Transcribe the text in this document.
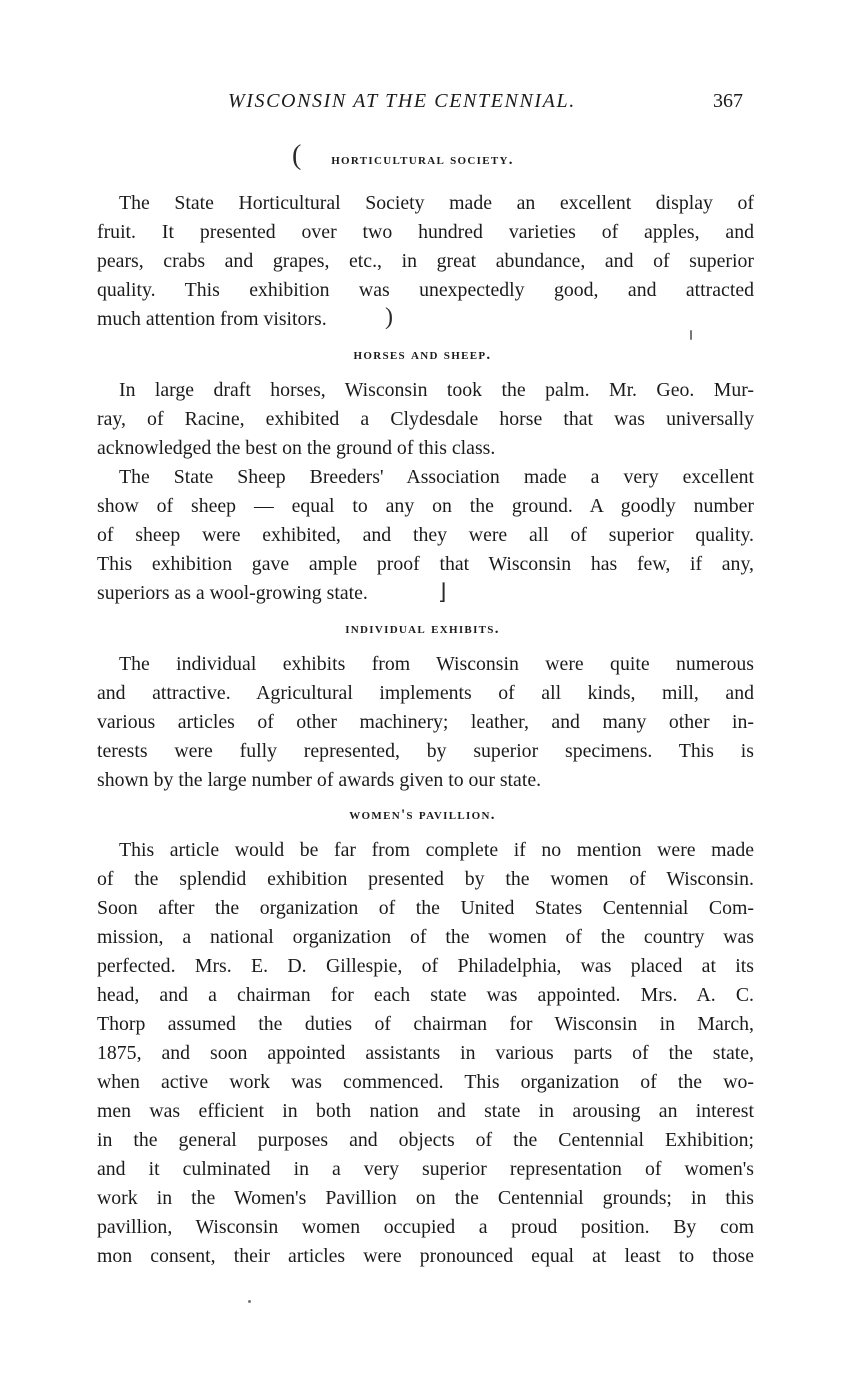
WISCONSIN AT THE CENTENNIAL.	367
(
)
⌋
horticultural society.
The State Horticultural Society made an excellent display of
fruit. It presented over two hundred varieties of apples, and
pears, crabs and grapes, etc., in great abundance, and of superior
quality. This exhibition was unexpectedly good, and attracted
much attention from visitors.
horses and sheep.
In large draft horses, Wisconsin took the palm. Mr. Geo. Mur-
ray, of Racine, exhibited a Clydesdale horse that was universally
acknowledged the best on the ground of this class.
The State Sheep Breeders' Association made a very excellent
show of sheep — equal to any on the ground. A goodly number
of sheep were exhibited, and they were all of superior quality.
This exhibition gave ample proof that Wisconsin has few, if any,
superiors as a wool-growing state.
individual exhibits.
The individual exhibits from Wisconsin were quite numerous
and attractive. Agricultural implements of all kinds, mill, and
various articles of other machinery; leather, and many other in-
terests were fully represented, by superior specimens. This is
shown by the large number of awards given to our state.
women's pavillion.
This article would be far from complete if no mention were made
of the splendid exhibition presented by the women of Wisconsin.
Soon after the organization of the United States Centennial Com-
mission, a national organization of the women of the country was
perfected. Mrs. E. D. Gillespie, of Philadelphia, was placed at its
head, and a chairman for each state was appointed. Mrs. A. C.
Thorp assumed the duties of chairman for Wisconsin in March,
1875, and soon appointed assistants in various parts of the state,
when active work was commenced. This organization of the wo-
men was efficient in both nation and state in arousing an interest
in the general purposes and objects of the Centennial Exhibition;
and it culminated in a very superior representation of women's
work in the Women's Pavillion on the Centennial grounds; in this
pavillion, Wisconsin women occupied a proud position. By com
mon consent, their articles were pronounced equal at least to those
